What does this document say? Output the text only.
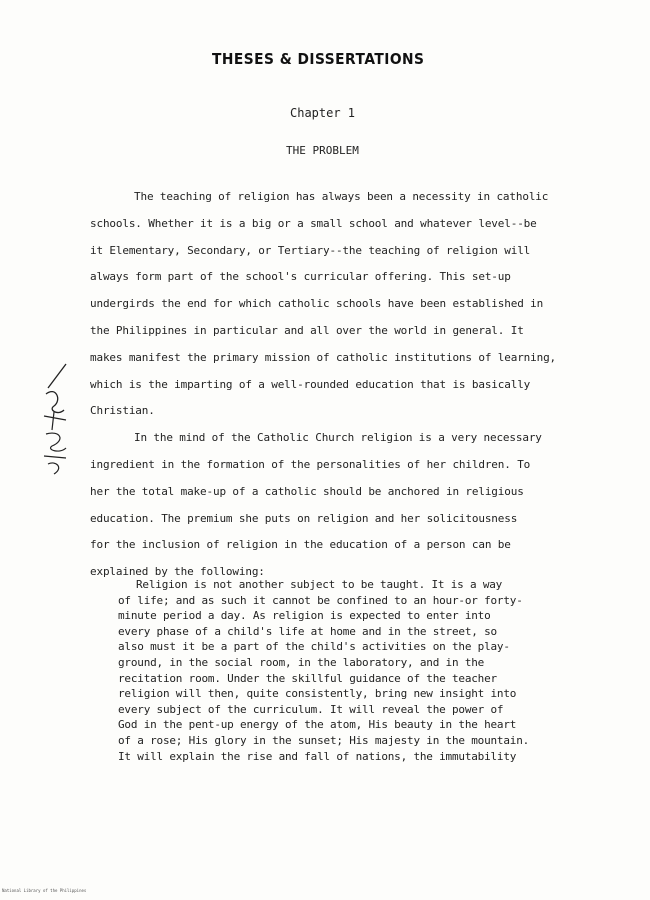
THESES & DISSERTATIONS
Chapter 1
THE PROBLEM
The teaching of religion has always been a necessity in catholic
schools. Whether it is a big or a small school and whatever level--be
it Elementary, Secondary, or Tertiary--the teaching of religion will
always form part of the school's curricular offering. This set-up
undergirds the end for which catholic schools have been established in
the Philippines in particular and all over the world in general. It
makes manifest the primary mission of catholic institutions of learning,
which is the imparting of a well-rounded education that is basically
Christian.
In the mind of the Catholic Church religion is a very necessary
ingredient in the formation of the personalities of her children. To
her the total make-up of a catholic should be anchored in religious
education. The premium she puts on religion and her solicitousness
for the inclusion of religion in the education of a person can be
explained by the following:
Religion is not another subject to be taught. It is a way
of life; and as such it cannot be confined to an hour-or forty-
minute period a day. As religion is expected to enter into
every phase of a child's life at home and in the street, so
also must it be a part of the child's activities on the play-
ground, in the social room, in the laboratory, and in the
recitation room. Under the skillful guidance of the teacher
religion will then, quite consistently, bring new insight into
every subject of the curriculum. It will reveal the power of
God in the pent-up energy of the atom, His beauty in the heart
of a rose; His glory in the sunset; His majesty in the mountain.
It will explain the rise and fall of nations, the immutability
National Library of the Philippines
